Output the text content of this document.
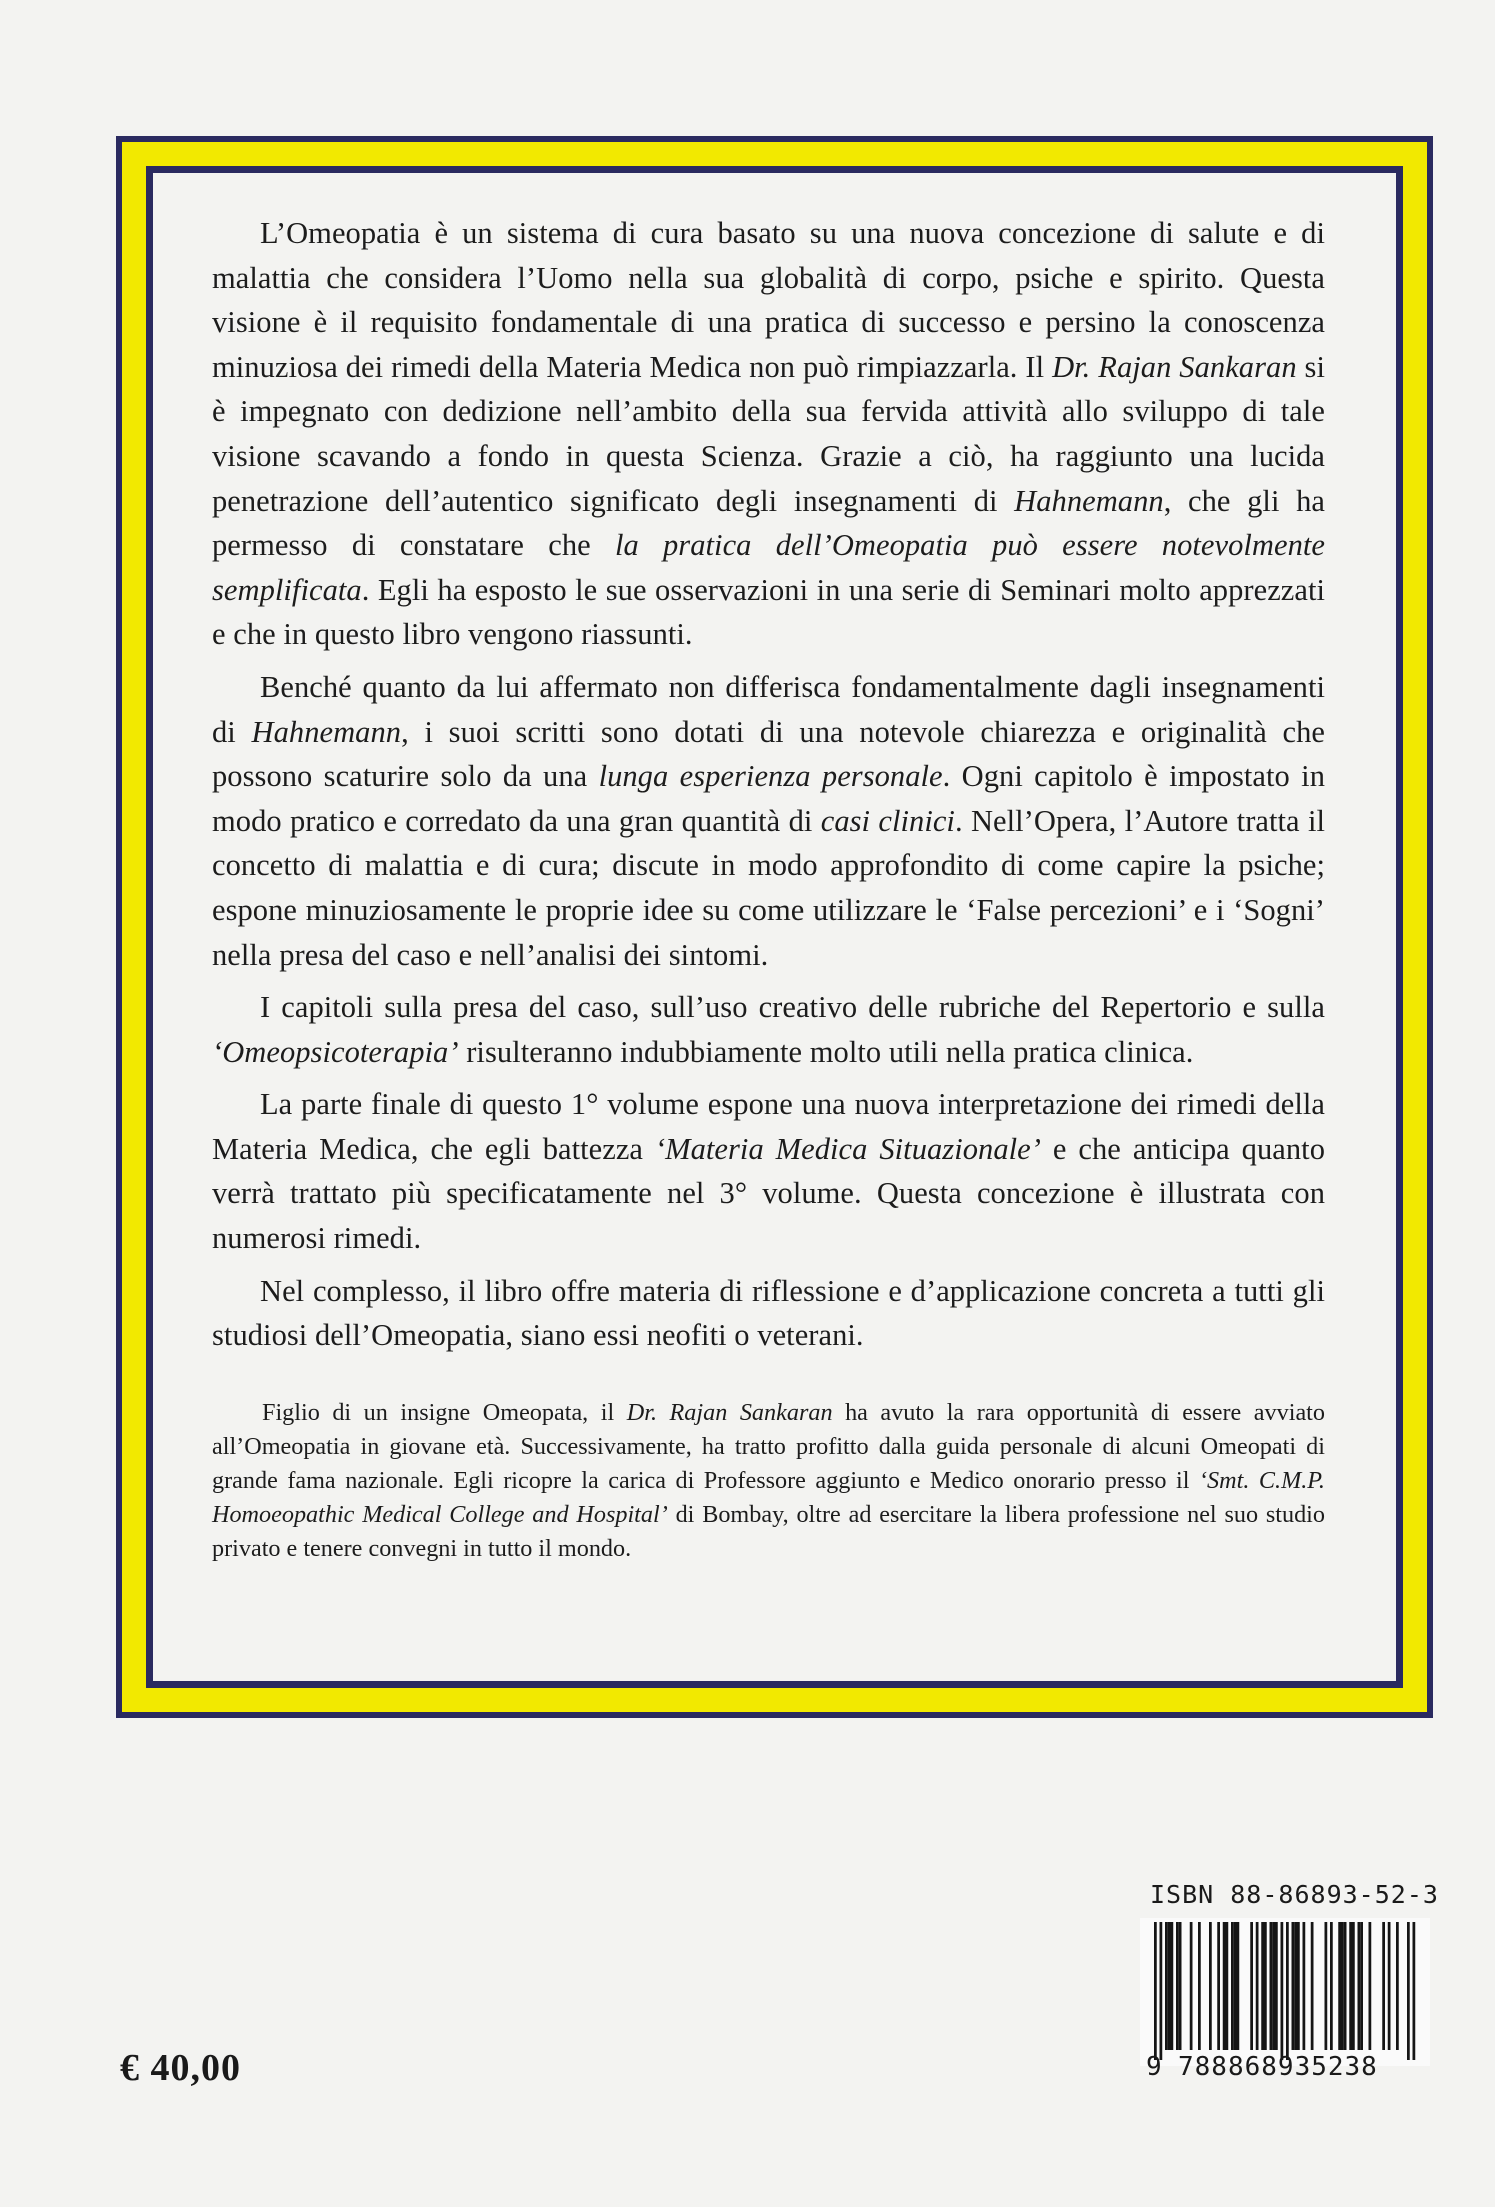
L’Omeopatia è un sistema di cura basato su una nuova concezione di salute e di malattia che considera l’Uomo nella sua globalità di corpo, psiche e spirito. Questa visione è il requisito fondamentale di una pratica di successo e persino la conoscenza minuziosa dei rimedi della Materia Medica non può rimpiazzarla. Il Dr. Rajan Sankaran si è impegnato con dedizione nell’ambito della sua fervida attività allo sviluppo di tale visione scavando a fondo in questa Scienza. Grazie a ciò, ha raggiunto una lucida penetrazione dell’autentico significato degli insegnamenti di Hahnemann, che gli ha permesso di constatare che la pratica dell’Omeopatia può essere notevolmente semplificata. Egli ha esposto le sue osservazioni in una serie di Seminari molto apprezzati e che in questo libro vengono riassunti.

Benché quanto da lui affermato non differisca fondamentalmente dagli insegnamenti di Hahnemann, i suoi scritti sono dotati di una notevole chiarezza e originalità che possono scaturire solo da una lunga esperienza personale. Ogni capitolo è impostato in modo pratico e corredato da una gran quantità di casi clinici. Nell’Opera, l’Autore tratta il concetto di malattia e di cura; discute in modo approfondito di come capire la psiche; espone minuziosamente le proprie idee su come utilizzare le ‘False percezioni’ e i ‘Sogni’ nella presa del caso e nell’analisi dei sintomi.

I capitoli sulla presa del caso, sull’uso creativo delle rubriche del Repertorio e sulla ‘Omeopsicoterapia’ risulteranno indubbiamente molto utili nella pratica clinica.

La parte finale di questo 1° volume espone una nuova interpretazione dei rimedi della Materia Medica, che egli battezza ‘Materia Medica Situazionale’ e che anticipa quanto verrà trattato più specificatamente nel 3° volume. Questa concezione è illustrata con numerosi rimedi.

Nel complesso, il libro offre materia di riflessione e d’applicazione concreta a tutti gli studiosi dell’Omeopatia, siano essi neofiti o veterani.

Figlio di un insigne Omeopata, il Dr. Rajan Sankaran ha avuto la rara opportunità di essere avviato all’Omeopatia in giovane età. Successivamente, ha tratto profitto dalla guida personale di alcuni Omeopati di grande fama nazionale. Egli ricopre la carica di Professore aggiunto e Medico onorario presso il ‘Smt. C.M.P. Homoeopathic Medical College and Hospital’ di Bombay, oltre ad esercitare la libera professione nel suo studio privato e tenere convegni in tutto il mondo.

€ 40,00
ISBN 88-86893-52-3
9 788868935238
